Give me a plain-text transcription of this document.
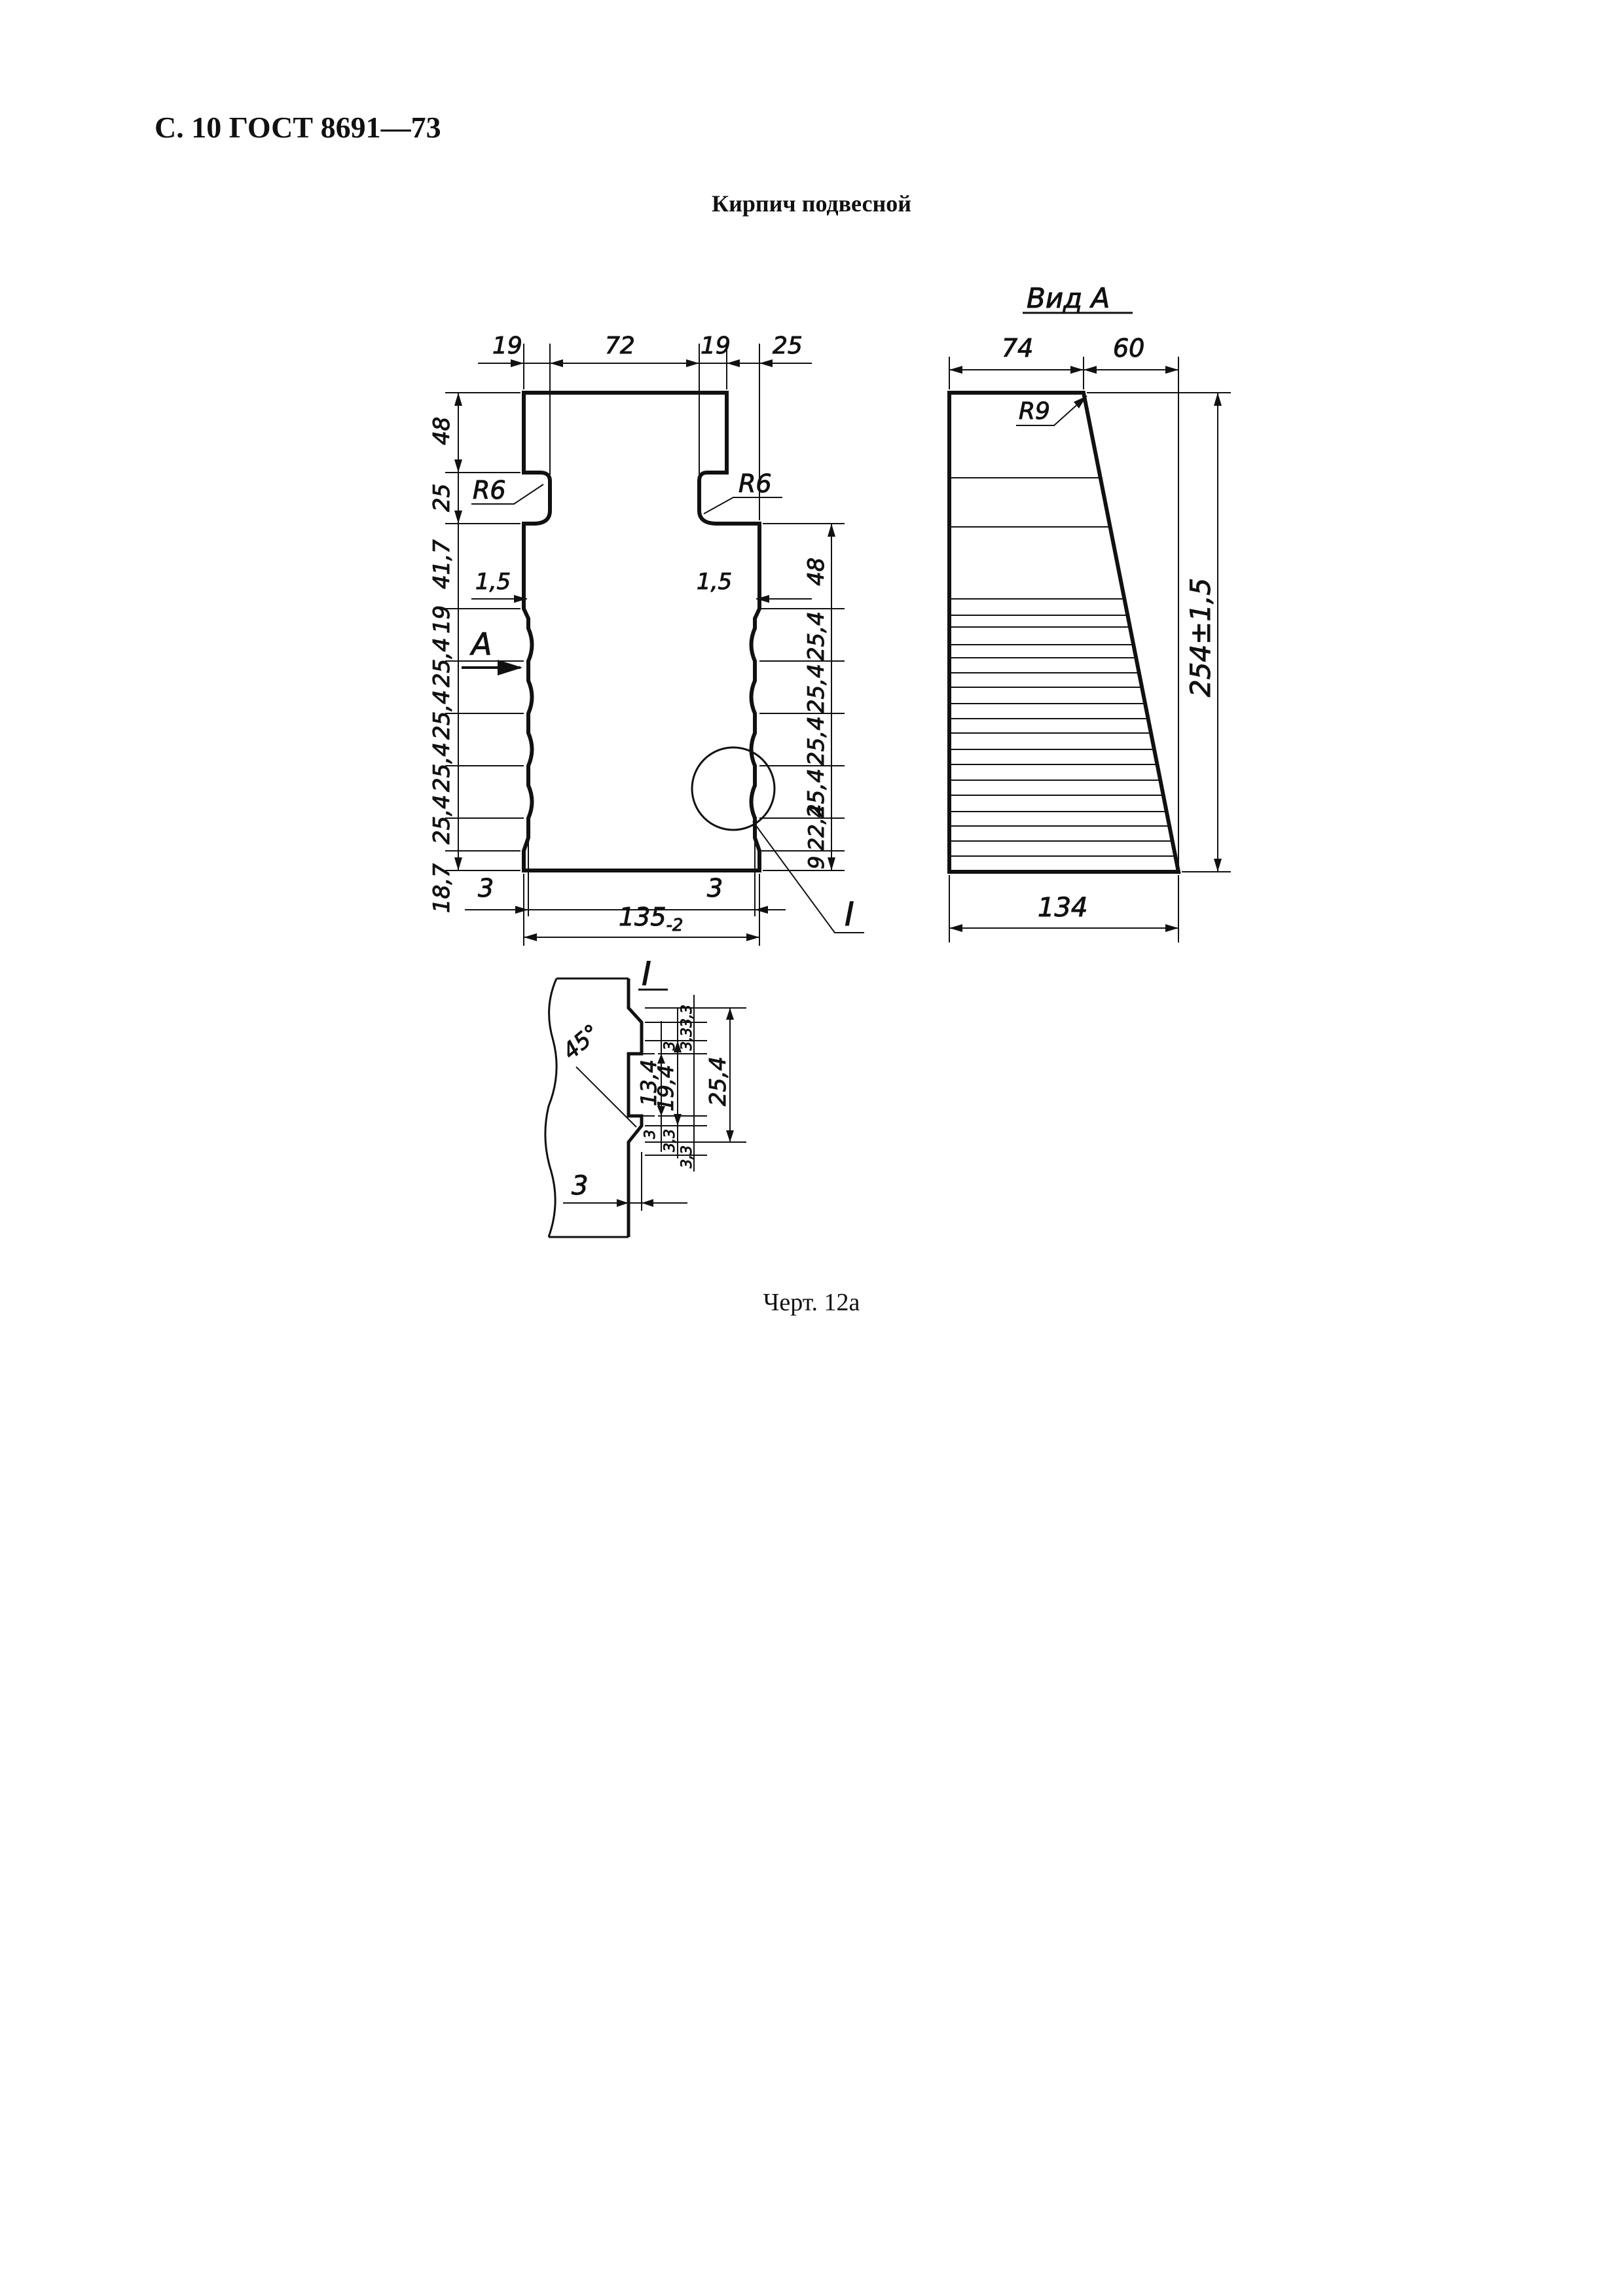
С. 10 ГОСТ 8691—73
Кирпич подвесной
19	72	19 25
48
25
41,7
19
25,4
25,4
25,4
25,4
18,7
48
25,4
25,4
25,4
25,4
22,4
9
R6	R6
1,5	1,5
A
3	3
$135_{-2}$	I
Вид А
74	60
R9
254±1,5
134
I
45°
13,4
19,4 25,4
3,3
3 3,3
3 3,3
3,3
3
Черт. 12а
